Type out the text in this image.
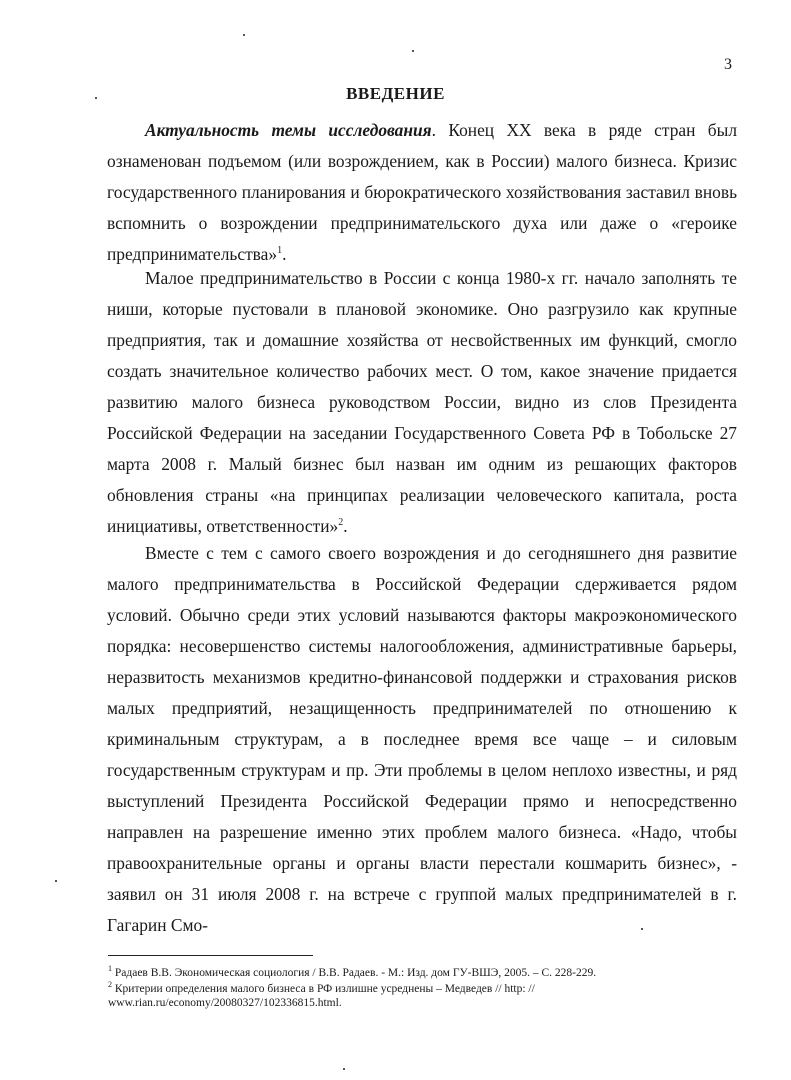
3
ВВЕДЕНИЕ

Актуальность темы исследования. Конец XX века в ряде стран был ознаменован подъемом (или возрождением, как в России) малого бизнеса. Кризис государственного планирования и бюрократического хозяйствования заставил вновь вспомнить о возрождении предпринимательского духа или даже о «героике предпринимательства»$^1$.

Малое предпринимательство в России с конца 1980-х гг. начало заполнять те ниши, которые пустовали в плановой экономике. Оно разгрузило как крупные предприятия, так и домашние хозяйства от несвойственных им функций, смогло создать значительное количество рабочих мест. О том, какое значение придается развитию малого бизнеса руководством России, видно из слов Президента Российской Федерации на заседании Государственного Совета РФ в Тобольске 27 марта 2008 г. Малый бизнес был назван им одним из решающих факторов обновления страны «на принципах реализации человеческого капитала, роста инициативы, ответственности»$^2$.

Вместе с тем с самого своего возрождения и до сегодняшнего дня развитие малого предпринимательства в Российской Федерации сдерживается рядом условий. Обычно среди этих условий называются факторы макроэкономического порядка: несовершенство системы налогообложения, административные барьеры, неразвитость механизмов кредитно-финансовой поддержки и страхования рисков малых предприятий, незащищенность предпринимателей по отношению к криминальным структурам, а в последнее время все чаще – и силовым государственным структурам и пр. Эти проблемы в целом неплохо известны, и ряд выступлений Президента Российской Федерации прямо и непосредственно направлен на разрешение именно этих проблем малого бизнеса. «Надо, чтобы правоохранительные органы и органы власти перестали кошмарить бизнес», - заявил он 31 июля 2008 г. на встрече с группой малых предпринимателей в г. Гагарин Смо-

$^1$ Радаев В.В. Экономическая социология / В.В. Радаев. - М.: Изд. дом ГУ-ВШЭ, 2005. – С. 228-229.
$^2$ Критерии определения малого бизнеса в РФ излишне усреднены – Медведев // http: // www.rian.ru/economy/20080327/102336815.html.
